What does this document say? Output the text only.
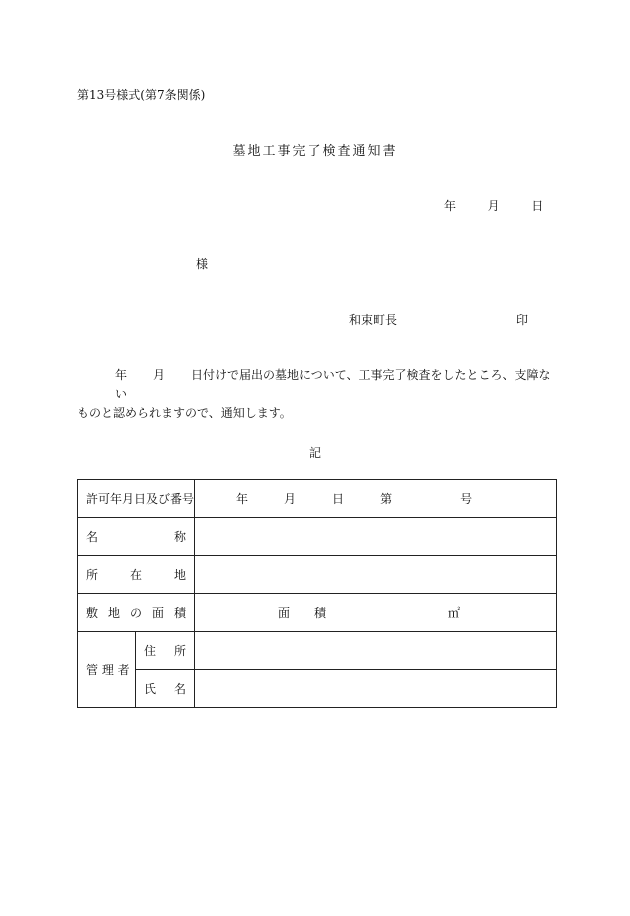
第13号様式(第7条関係)
墓地工事完了検査通知書
年	月	日
様
和束町長	印
年 月 日付けで届出の墓地について、工事完了検査をしたところ、支障ない
ものと認められますので、通知します。
記
許可年月日及び番号		年 月 日 第 号

名 称		

所 在 地		

敷 地 の 面 積		面　　積 ㎡

管 理 者	住 所	

	氏 名	
